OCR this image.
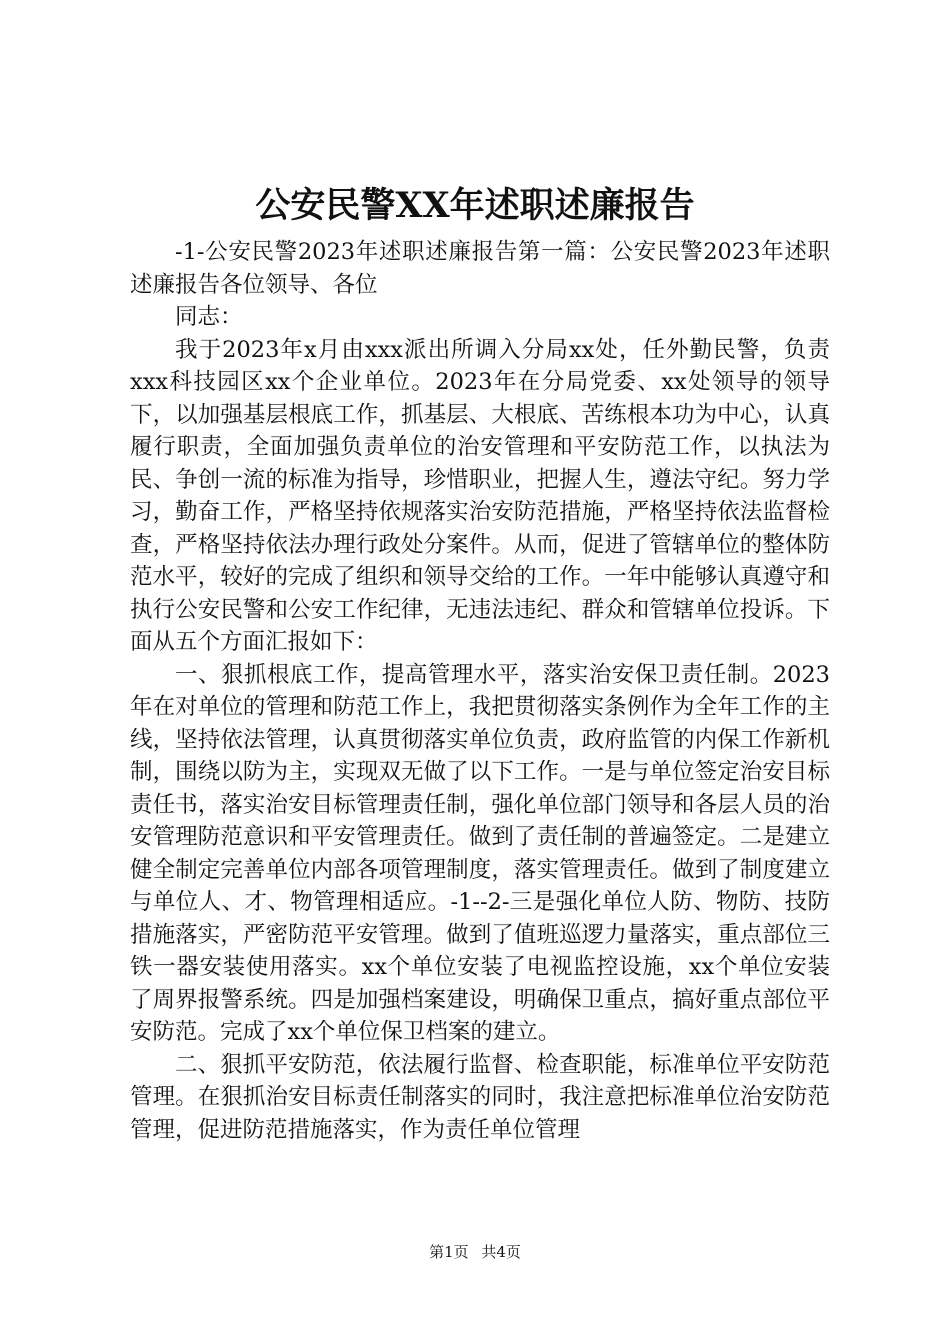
公安民警XX年述职述廉报告

-1-公安民警2023年述职述廉报告第一篇：公安民警2023年述职述廉报告各位领导、各位

同志：

我于2023年x月由xxx派出所调入分局xx处，任外勤民警，负责xxx科技园区xx个企业单位。2023年在分局党委、xx处领导的领导下，以加强基层根底工作，抓基层、大根底、苦练根本功为中心，认真履行职责，全面加强负责单位的治安管理和平安防范工作，以执法为民、争创一流的标准为指导，珍惜职业，把握人生，遵法守纪。努力学习，勤奋工作，严格坚持依规落实治安防范措施，严格坚持依法监督检查，严格坚持依法办理行政处分案件。从而，促进了管辖单位的整体防范水平，较好的完成了组织和领导交给的工作。一年中能够认真遵守和执行公安民警和公安工作纪律，无违法违纪、群众和管辖单位投诉。下面从五个方面汇报如下：

一、狠抓根底工作，提高管理水平，落实治安保卫责任制。2023年在对单位的管理和防范工作上，我把贯彻落实条例作为全年工作的主线，坚持依法管理，认真贯彻落实单位负责，政府监管的内保工作新机制，围绕以防为主，实现双无做了以下工作。一是与单位签定治安目标责任书，落实治安目标管理责任制，强化单位部门领导和各层人员的治安管理防范意识和平安管理责任。做到了责任制的普遍签定。二是建立健全制定完善单位内部各项管理制度，落实管理责任。做到了制度建立与单位人、才、物管理相适应。-1--2-三是强化单位人防、物防、技防措施落实，严密防范平安管理。做到了值班巡逻力量落实，重点部位三铁一器安装使用落实。xx个单位安装了电视监控设施，xx个单位安装了周界报警系统。四是加强档案建设，明确保卫重点，搞好重点部位平安防范。完成了xx个单位保卫档案的建立。

二、狠抓平安防范，依法履行监督、检查职能，标准单位平安防范管理。在狠抓治安目标责任制落实的同时，我注意把标准单位治安防范管理，促进防范措施落实，作为责任单位管理

第1页 共4页
